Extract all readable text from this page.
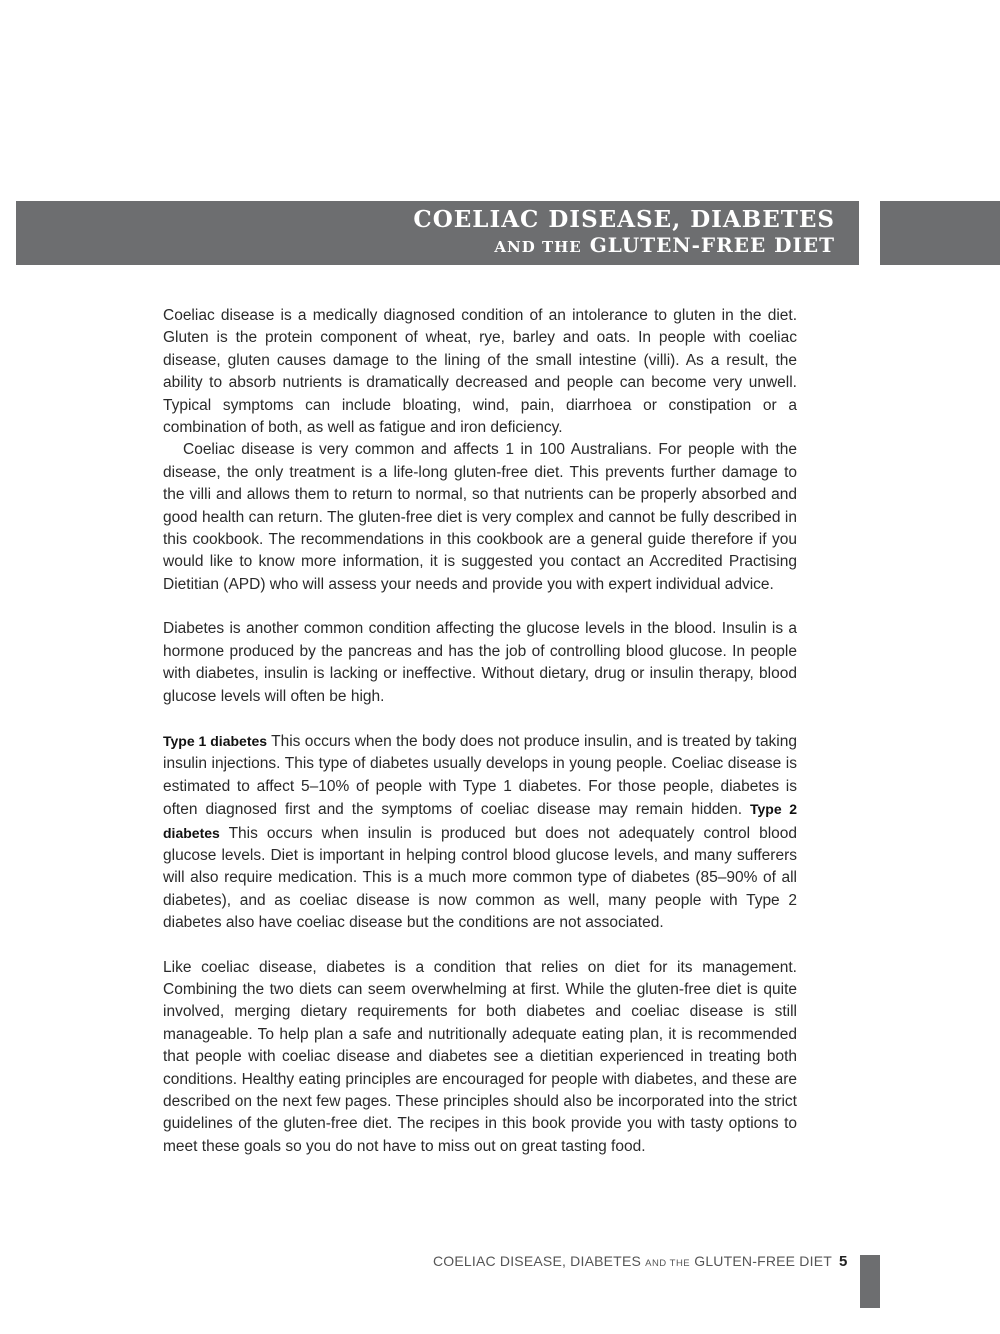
COELIAC DISEASE, DIABETES
AND THE GLUTEN-FREE DIET

Coeliac disease is a medically diagnosed condition of an intolerance to gluten in the diet. Gluten is the protein component of wheat, rye, barley and oats. In people with coeliac disease, gluten causes damage to the lining of the small intestine (villi). As a result, the ability to absorb nutrients is dramatically decreased and people can become very unwell. Typical symptoms can include bloating, wind, pain, diarrhoea or constipation or a combination of both, as well as fatigue and iron deficiency.

Coeliac disease is very common and affects 1 in 100 Australians. For people with the disease, the only treatment is a life-long gluten-free diet. This prevents further damage to the villi and allows them to return to normal, so that nutrients can be properly absorbed and good health can return. The gluten-free diet is very complex and cannot be fully described in this cookbook. The recommendations in this cookbook are a general guide therefore if you would like to know more information, it is suggested you contact an Accredited Practising Dietitian (APD) who will assess your needs and provide you with expert individual advice.

Diabetes is another common condition affecting the glucose levels in the blood. Insulin is a hormone produced by the pancreas and has the job of controlling blood glucose. In people with diabetes, insulin is lacking or ineffective. Without dietary, drug or insulin therapy, blood glucose levels will often be high.

Type 1 diabetes This occurs when the body does not produce insulin, and is treated by taking insulin injections. This type of diabetes usually develops in young people. Coeliac disease is estimated to affect 5–10% of people with Type 1 diabetes. For those people, diabetes is often diagnosed first and the symptoms of coeliac disease may remain hidden. Type 2 diabetes This occurs when insulin is produced but does not adequately control blood glucose levels. Diet is important in helping control blood glucose levels, and many sufferers will also require medication. This is a much more common type of diabetes (85–90% of all diabetes), and as coeliac disease is now common as well, many people with Type 2 diabetes also have coeliac disease but the conditions are not associated.

Like coeliac disease, diabetes is a condition that relies on diet for its management. Combining the two diets can seem overwhelming at first. While the gluten-free diet is quite involved, merging dietary requirements for both diabetes and coeliac disease is still manageable. To help plan a safe and nutritionally adequate eating plan, it is recommended that people with coeliac disease and diabetes see a dietitian experienced in treating both conditions. Healthy eating principles are encouraged for people with diabetes, and these are described on the next few pages. These principles should also be incorporated into the strict guidelines of the gluten-free diet. The recipes in this book provide you with tasty options to meet these goals so you do not have to miss out on great tasting food.

COELIAC DISEASE, DIABETES AND THE GLUTEN-FREE DIET 5
